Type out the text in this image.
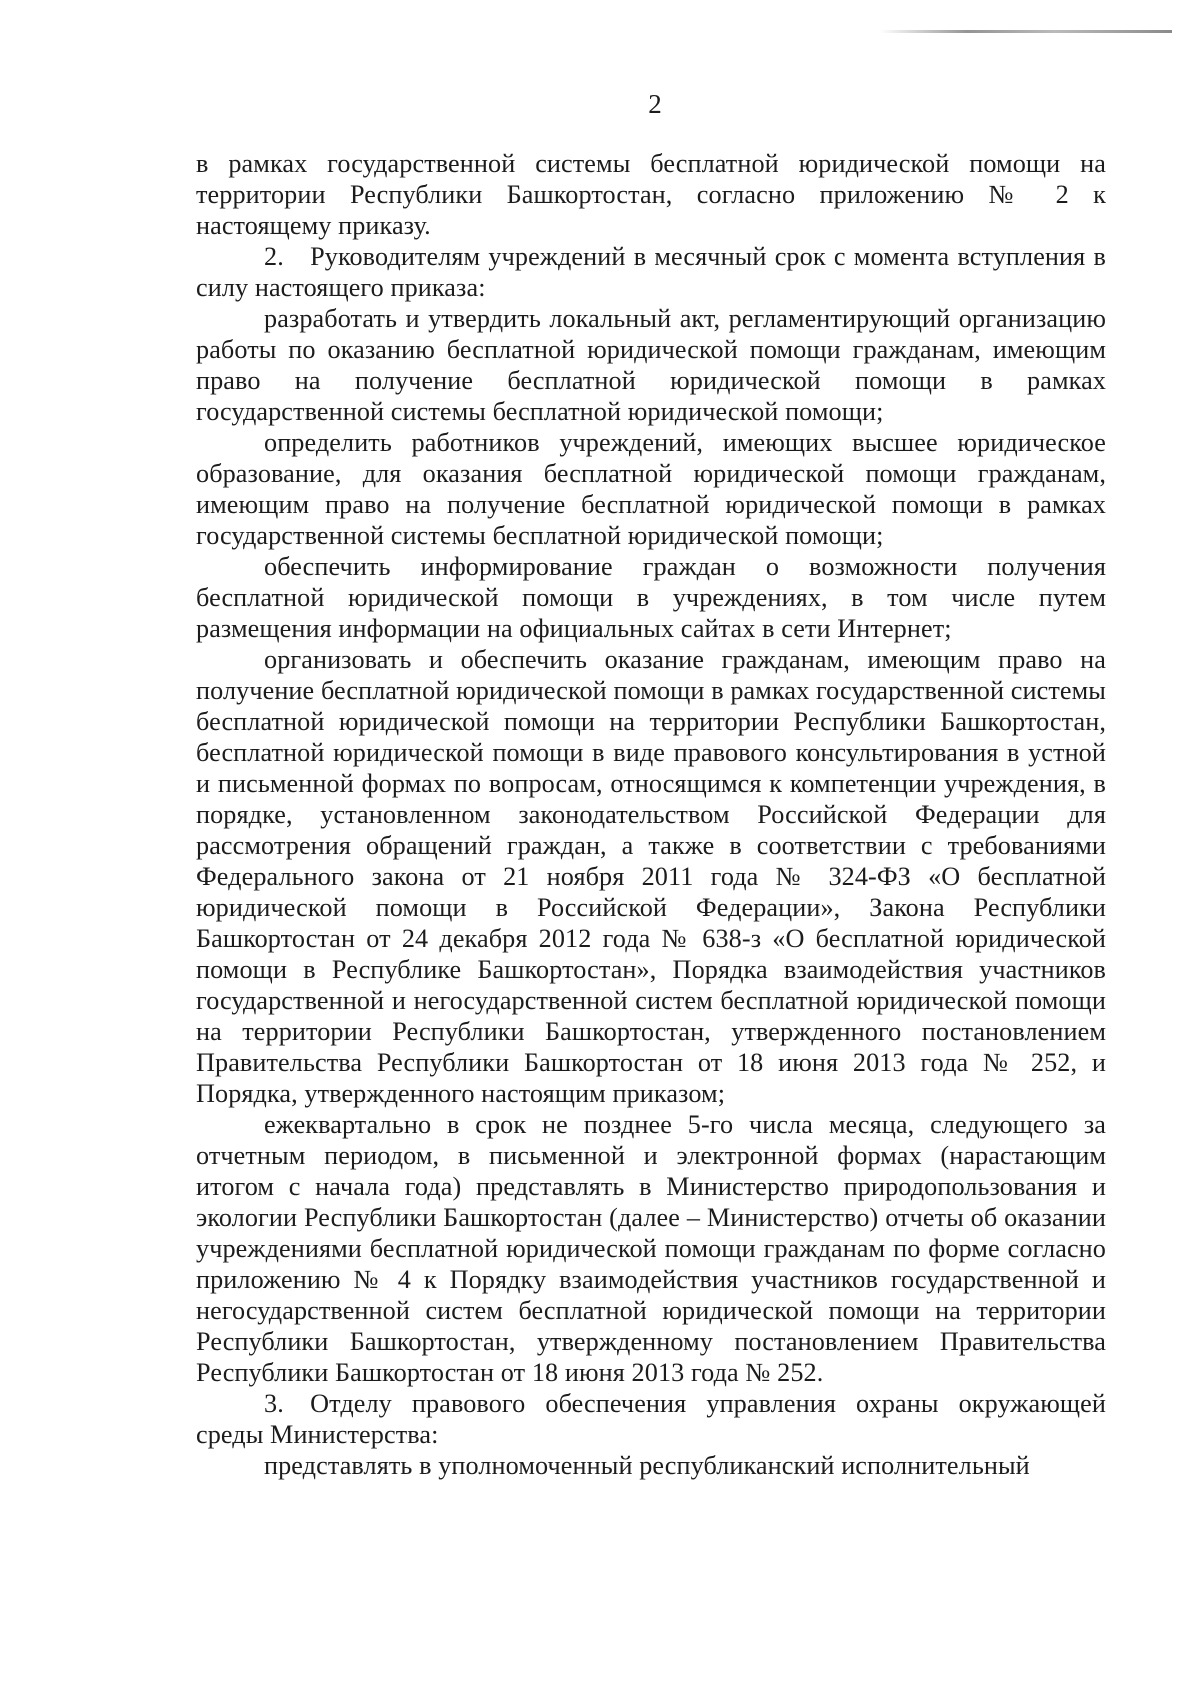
2

в рамках государственной системы бесплатной юридической помощи на территории Республики Башкортостан, согласно приложению № 2 к настоящему приказу.

2. Руководителям учреждений в месячный срок с момента вступления в силу настоящего приказа:

разработать и утвердить локальный акт, регламентирующий организацию работы по оказанию бесплатной юридической помощи гражданам, имеющим право на получение бесплатной юридической помощи в рамках государственной системы бесплатной юридической помощи;

определить работников учреждений, имеющих высшее юридическое образование, для оказания бесплатной юридической помощи гражданам, имеющим право на получение бесплатной юридической помощи в рамках государственной системы бесплатной юридической помощи;

обеспечить информирование граждан о возможности получения бесплатной юридической помощи в учреждениях, в том числе путем размещения информации на официальных сайтах в сети Интернет;

организовать и обеспечить оказание гражданам, имеющим право на получение бесплатной юридической помощи в рамках государственной системы бесплатной юридической помощи на территории Республики Башкортостан, бесплатной юридической помощи в виде правового консультирования в устной и письменной формах по вопросам, относящимся к компетенции учреждения, в порядке, установленном законодательством Российской Федерации для рассмотрения обращений граждан, а также в соответствии с требованиями Федерального закона от 21 ноября 2011 года № 324-ФЗ «О бесплатной юридической помощи в Российской Федерации», Закона Республики Башкортостан от 24 декабря 2012 года № 638-з «О бесплатной юридической помощи в Республике Башкортостан», Порядка взаимодействия участников государственной и негосударственной систем бесплатной юридической помощи на территории Республики Башкортостан, утвержденного постановлением Правительства Республики Башкортостан от 18 июня 2013 года № 252, и Порядка, утвержденного настоящим приказом;

ежеквартально в срок не позднее 5-го числа месяца, следующего за отчетным периодом, в письменной и электронной формах (нарастающим итогом с начала года) представлять в Министерство природопользования и экологии Республики Башкортостан (далее – Министерство) отчеты об оказании учреждениями бесплатной юридической помощи гражданам по форме согласно приложению № 4 к Порядку взаимодействия участников государственной и негосударственной систем бесплатной юридической помощи на территории Республики Башкортостан, утвержденному постановлением Правительства Республики Башкортостан от 18 июня 2013 года № 252.

3. Отделу правового обеспечения управления охраны окружающей среды Министерства:

представлять в уполномоченный республиканский исполнительный
